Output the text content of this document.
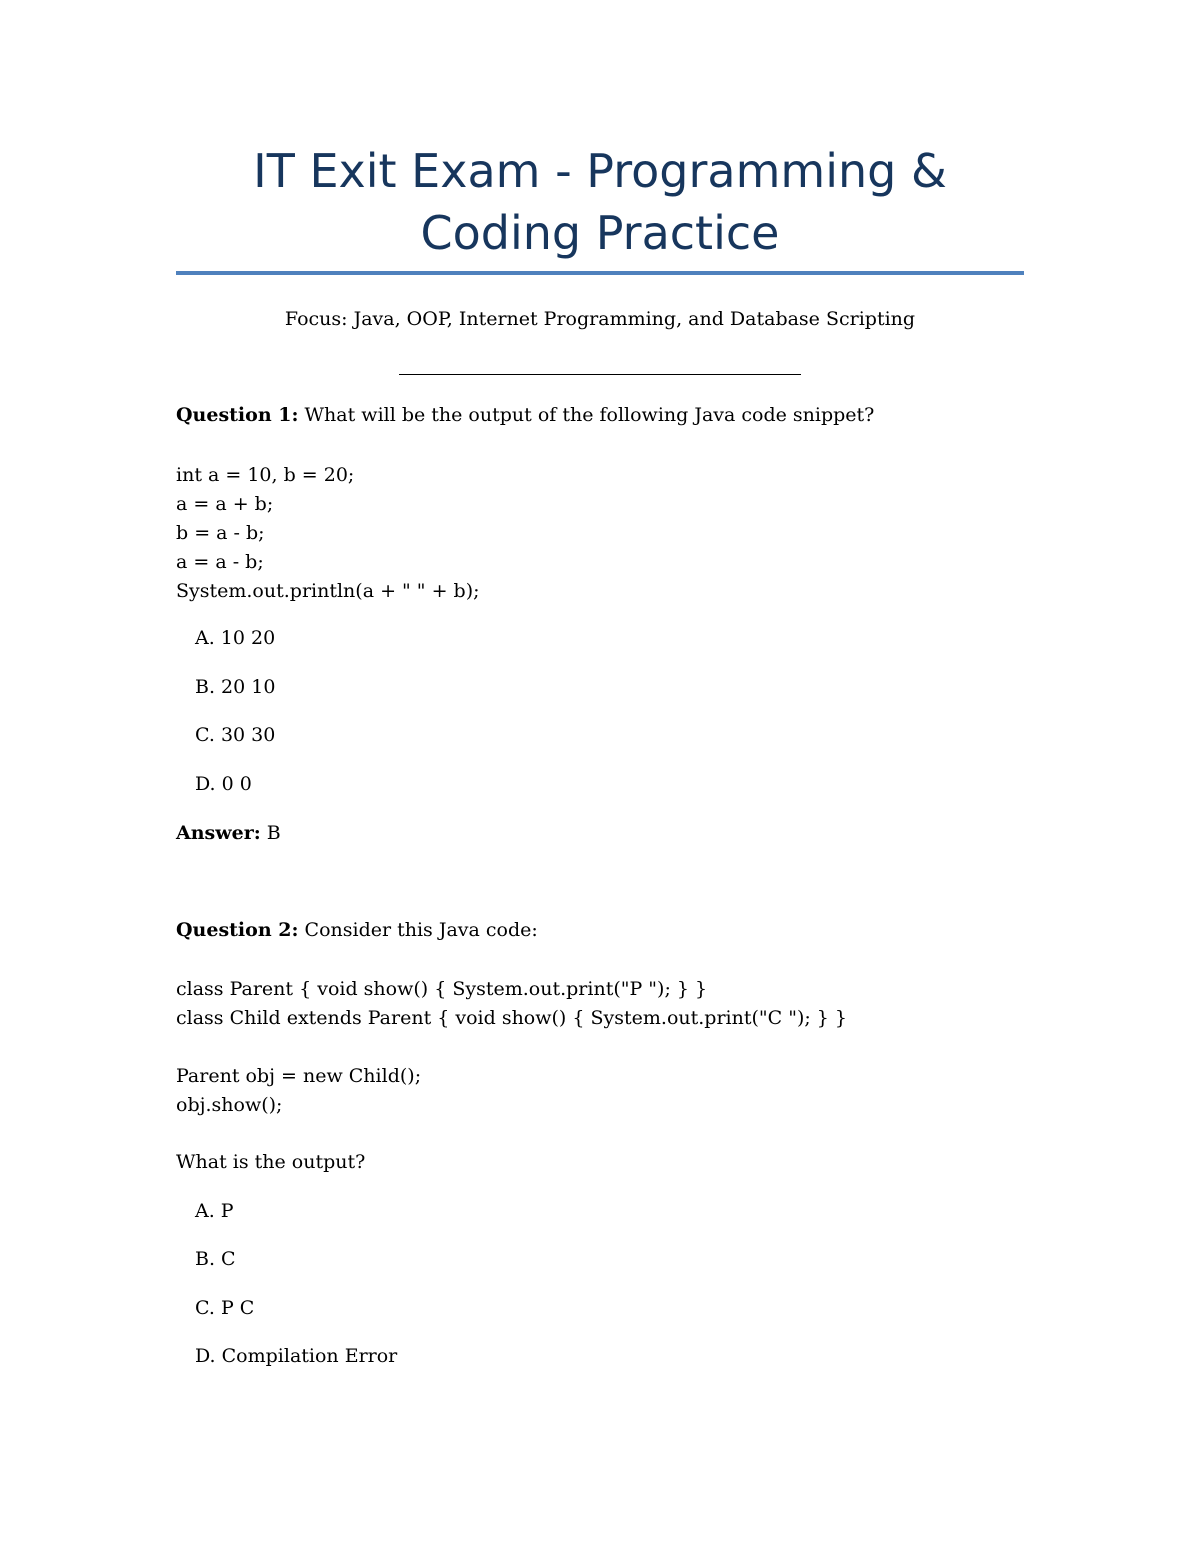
IT Exit Exam - Programming & Coding Practice
Focus: Java, OOP, Internet Programming, and Database Scripting
Question 1: What will be the output of the following Java code snippet?
int a = 10, b = 20;
a = a + b;
b = a - b;
a = a - b;
System.out.println(a + " " + b);
A. 10 20
B. 20 10
C. 30 30
D. 0 0
Answer: B
Question 2: Consider this Java code:
class Parent { void show() { System.out.print("P "); } }
class Child extends Parent { void show() { System.out.print("C "); } }
Parent obj = new Child();
obj.show();
What is the output?
A. P
B. C
C. P C
D. Compilation Error
